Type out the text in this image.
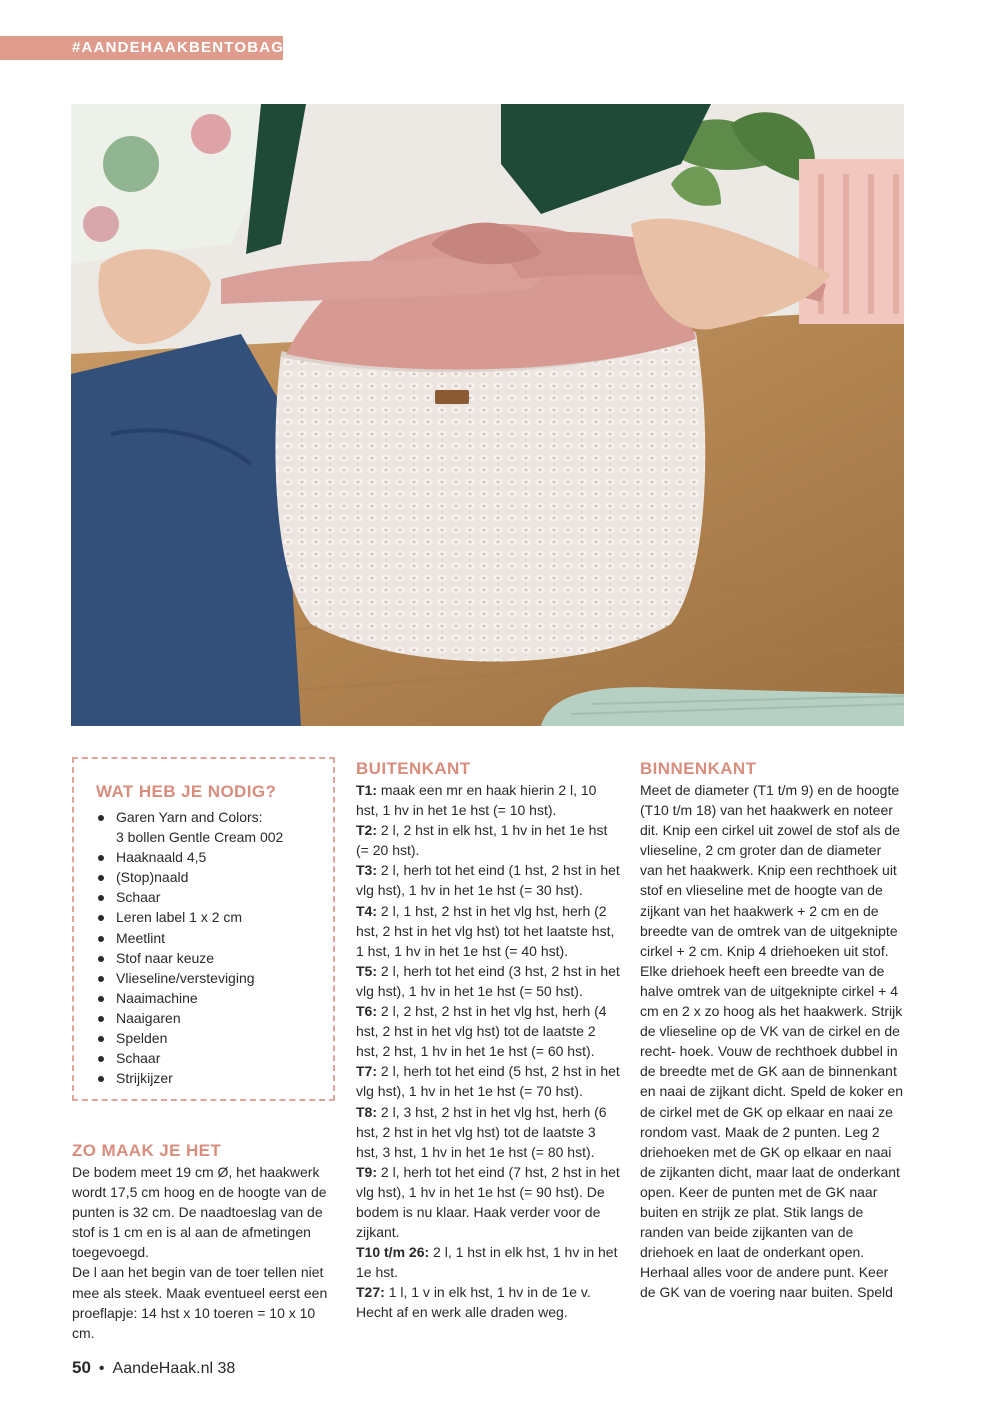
#AANDEHAAKBENTOBAG
WAT HEB JE NODIG?
Garen Yarn and Colors:
3 bollen Gentle Cream 002
Haaknaald 4,5
(Stop)naald
Schaar
Leren label 1 x 2 cm
Meetlint
Stof naar keuze
Vlieseline/versteviging
Naaimachine
Naaigaren
Spelden
Schaar
Strijkijzer
ZO MAAK JE HET

De bodem meet 19 cm Ø, het haakwerk wordt 17,5 cm hoog en de hoogte van de punten is 32 cm. De naadtoeslag van de stof is 1 cm en is al aan de afmetingen toegevoegd.

De l aan het begin van de toer tellen niet mee als steek. Maak eventueel eerst een proeflapje: 14 hst x 10 toeren = 10 x 10 cm.

BUITENKANT

T1: maak een mr en haak hierin 2 l, 10 hst, 1 hv in het 1e hst (= 10 hst).

T2: 2 l, 2 hst in elk hst, 1 hv in het 1e hst (= 20 hst).

T3: 2 l, herh tot het eind (1 hst, 2 hst in het vlg hst), 1 hv in het 1e hst (= 30 hst).

T4: 2 l, 1 hst, 2 hst in het vlg hst, herh (2 hst, 2 hst in het vlg hst) tot het laatste hst, 1 hst, 1 hv in het 1e hst (= 40 hst).

T5: 2 l, herh tot het eind (3 hst, 2 hst in het vlg hst), 1 hv in het 1e hst (= 50 hst).

T6: 2 l, 2 hst, 2 hst in het vlg hst, herh (4 hst, 2 hst in het vlg hst) tot de laatste 2 hst, 2 hst, 1 hv in het 1e hst (= 60 hst).

T7: 2 l, herh tot het eind (5 hst, 2 hst in het vlg hst), 1 hv in het 1e hst (= 70 hst).

T8: 2 l, 3 hst, 2 hst in het vlg hst, herh (6 hst, 2 hst in het vlg hst) tot de laatste 3 hst, 3 hst, 1 hv in het 1e hst (= 80 hst).

T9: 2 l, herh tot het eind (7 hst, 2 hst in het vlg hst), 1 hv in het 1e hst (= 90 hst). De bodem is nu klaar. Haak verder voor de zijkant.

T10 t/m 26: 2 l, 1 hst in elk hst, 1 hv in het 1e hst.

T27: 1 l, 1 v in elk hst, 1 hv in de 1e v. Hecht af en werk alle draden weg.

BINNENKANT

Meet de diameter (T1 t/m 9) en de hoogte (T10 t/m 18) van het haakwerk en noteer dit. Knip een cirkel uit zowel de stof als de vlieseline, 2 cm groter dan de diameter van het haakwerk. Knip een rechthoek uit stof en vlieseline met de hoogte van de zijkant van het haakwerk + 2 cm en de breedte van de omtrek van de uitgeknipte cirkel + 2 cm. Knip 4 driehoeken uit stof. Elke driehoek heeft een breedte van de halve omtrek van de uitgeknipte cirkel + 4 cm en 2 x zo hoog als het haakwerk. Strijk de vlieseline op de VK van de cirkel en de recht- hoek. Vouw de rechthoek dubbel in de breedte met de GK aan de binnenkant en naai de zijkant dicht. Speld de koker en de cirkel met de GK op elkaar en naai ze rondom vast. Maak de 2 punten. Leg 2 driehoeken met de GK op elkaar en naai de zijkanten dicht, maar laat de onderkant open. Keer de punten met de GK naar buiten en strijk ze plat. Stik langs de randen van beide zijkanten van de driehoek en laat de onderkant open. Herhaal alles voor de andere punt. Keer de GK van de voering naar buiten. Speld

50 • AandeHaak.nl 38
